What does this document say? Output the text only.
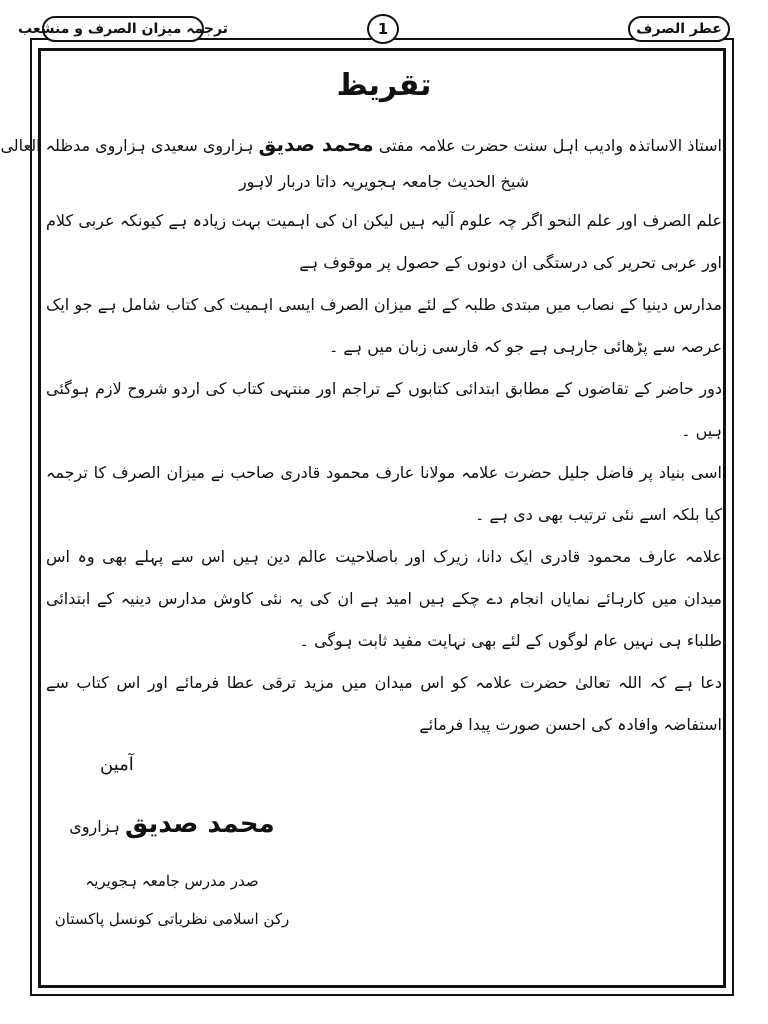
ترجمہ میزان الصرف و منشعب	1	عطر الصرف
تقریظ

استاذ الاساتذہ وادیب اہل سنت حضرت علامہ مفتی محمد صدیق ہزاروی سعیدی ہزاروی مدظلہ العالی

شیخ الحدیث جامعہ ہجویریہ داتا دربار لاہور

علم الصرف اور علم النحو اگر چہ علوم آلیہ ہیں لیکن ان کی اہمیت بہت زیادہ ہے کیونکہ عربی کلام اور عربی تحریر کی درستگی ان دونوں کے حصول پر موقوف ہے

مدارس دینیا کے نصاب میں مبتدی طلبہ کے لئے میزان الصرف ایسی اہمیت کی کتاب شامل ہے جو ایک عرصہ سے پڑھائی جارہی ہے جو کہ فارسی زبان میں ہے ۔

دور حاضر کے تقاضوں کے مطابق ابتدائی کتابوں کے تراجم اور منتہی کتاب کی اردو شروح لازم ہوگئی ہیں ۔

اسی بنیاد پر فاضل جلیل حضرت علامہ مولانا عارف محمود قادری صاحب نے میزان الصرف کا ترجمہ کیا بلکہ اسے نئی ترتیب بھی دی ہے ۔

علامہ عارف محمود قادری ایک دانا، زیرک اور باصلاحیت عالم دین ہیں اس سے پہلے بھی وہ اس میدان میں کارہائے نمایاں انجام دے چکے ہیں امید ہے ان کی یہ نئی کاوش مدارس دینیہ کے ابتدائی طلباء ہی نہیں عام لوگوں کے لئے بھی نہایت مفید ثابت ہوگی ۔

دعا ہے کہ اللہ تعالیٰ حضرت علامہ کو اس میدان میں مزید ترقی عطا فرمائے اور اس کتاب سے استفاضہ وافادہ کی احسن صورت پیدا فرمائے

آمین

محمد صدیق ہزاروی

صدر مدرس جامعہ ہجویریہ

رکن اسلامی نظریاتی کونسل پاکستان
